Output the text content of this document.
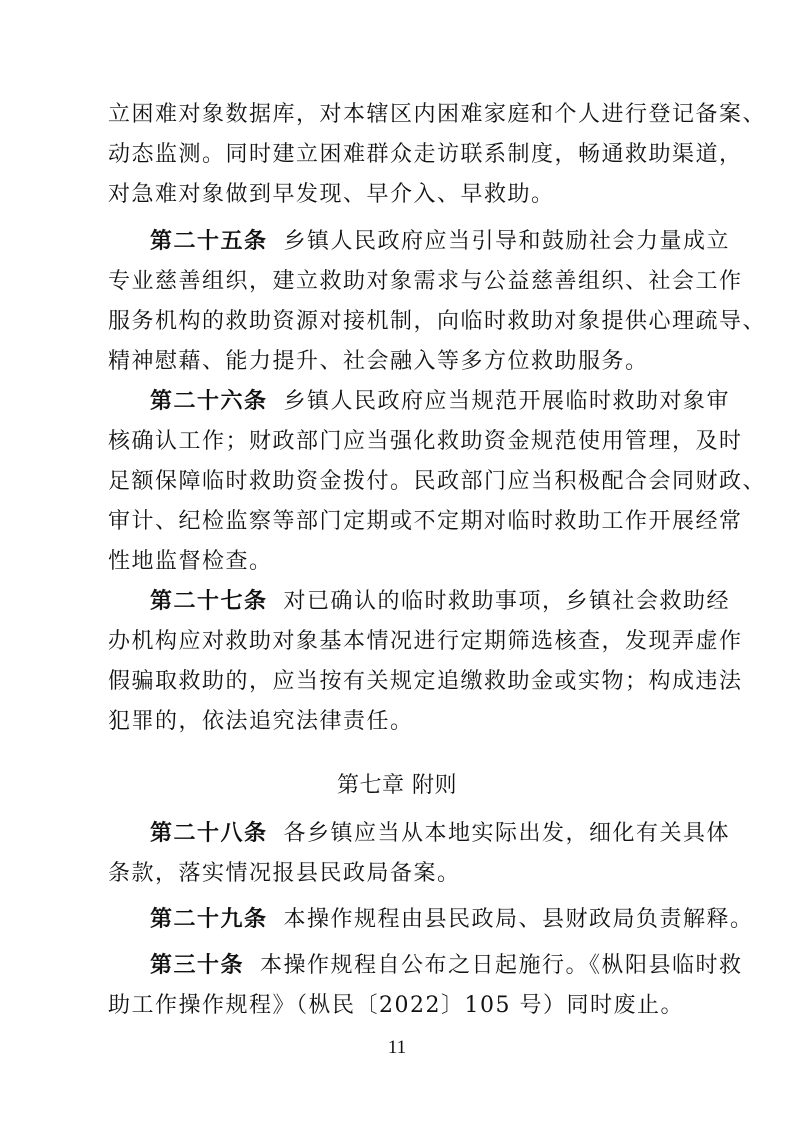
立困难对象数据库，对本辖区内困难家庭和个人进行登记备案、
动态监测。同时建立困难群众走访联系制度，畅通救助渠道，
对急难对象做到早发现、早介入、早救助。
第二十五条 乡镇人民政府应当引导和鼓励社会力量成立
专业慈善组织，建立救助对象需求与公益慈善组织、社会工作
服务机构的救助资源对接机制，向临时救助对象提供心理疏导、
精神慰藉、能力提升、社会融入等多方位救助服务。
第二十六条 乡镇人民政府应当规范开展临时救助对象审
核确认工作；财政部门应当强化救助资金规范使用管理，及时
足额保障临时救助资金拨付。民政部门应当积极配合会同财政、
审计、纪检监察等部门定期或不定期对临时救助工作开展经常
性地监督检查。
第二十七条 对已确认的临时救助事项，乡镇社会救助经
办机构应对救助对象基本情况进行定期筛选核查，发现弄虚作
假骗取救助的，应当按有关规定追缴救助金或实物；构成违法
犯罪的，依法追究法律责任。
第七章 附则
第二十八条 各乡镇应当从本地实际出发，细化有关具体
条款，落实情况报县民政局备案。
第二十九条 本操作规程由县民政局、县财政局负责解释。
第三十条 本操作规程自公布之日起施行。《枞阳县临时救
助工作操作规程》（枞民〔2022〕105 号）同时废止。
11
